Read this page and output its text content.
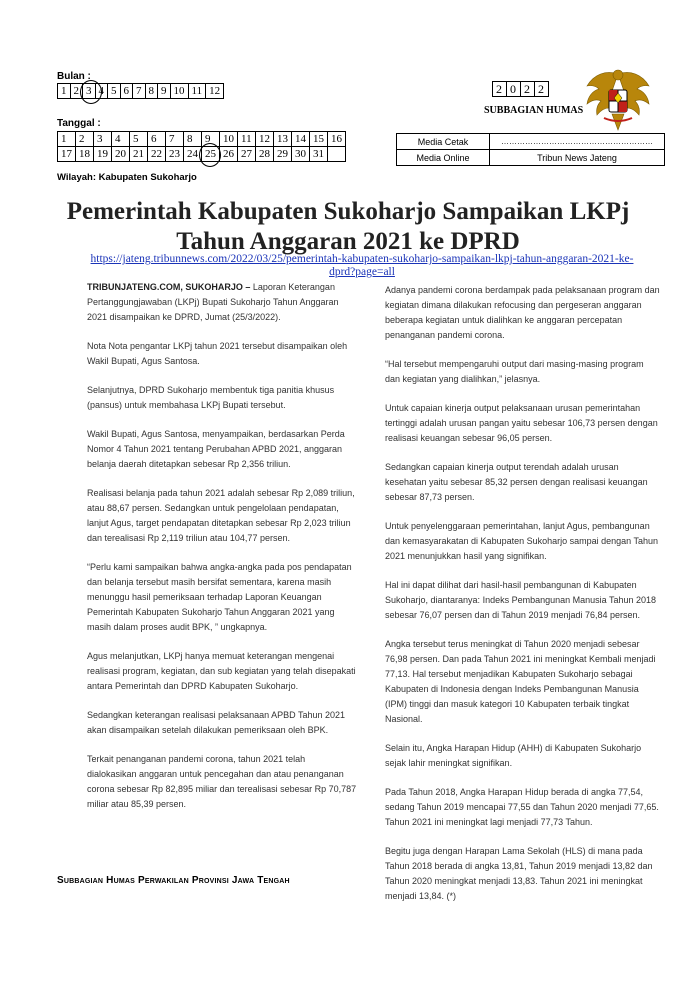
Bulan :
1	2	3	4	5	6	7	8	9	10	11	12	2	0	2	2
SUBBAGIAN HUMAS
Tanggal :
1	2	3	4	5	6	7	8	9	10	11	12	13	14	15	16
17	18	19	20	21	22	23	24	25	26	27	28	29	30	31	
Media Cetak	…………………………………………………
Media Online	Tribun News Jateng
Wilayah: Kabupaten Sukoharjo
Pemerintah Kabupaten Sukoharjo Sampaikan LKPj
Tahun Anggaran 2021 ke DPRD
https://jateng.tribunnews.com/2022/03/25/pemerintah-kabupaten-sukoharjo-sampaikan-lkpj-tahun-anggaran-2021-ke-
dprd?page=all

TRIBUNJATENG.COM, SUKOHARJO – Laporan Keterangan Pertanggungjawaban (LKPj) Bupati Sukoharjo Tahun Anggaran 2021 disampaikan ke DPRD, Jumat (25/3/2022).

Nota Nota pengantar LKPj tahun 2021 tersebut disampaikan oleh Wakil Bupati, Agus Santosa.

Selanjutnya, DPRD Sukoharjo membentuk tiga panitia khusus (pansus) untuk membahasa LKPj Bupati tersebut.

Wakil Bupati, Agus Santosa, menyampaikan, berdasarkan Perda Nomor 4 Tahun 2021 tentang Perubahan APBD 2021, anggaran belanja daerah ditetapkan sebesar Rp 2,356 triliun.

Realisasi belanja pada tahun 2021 adalah sebesar Rp 2,089 triliun, atau 88,67 persen. Sedangkan untuk pengelolaan pendapatan, lanjut Agus, target pendapatan ditetapkan sebesar Rp 2,023 triliun dan terealisasi Rp 2,119 triliun atau 104,77 persen.

“Perlu kami sampaikan bahwa angka-angka pada pos pendapatan dan belanja tersebut masih bersifat sementara, karena masih menunggu hasil pemeriksaan terhadap Laporan Keuangan Pemerintah Kabupaten Sukoharjo Tahun Anggaran 2021 yang masih dalam proses audit BPK, ” ungkapnya.

Agus melanjutkan, LKPj hanya memuat keterangan mengenai realisasi program, kegiatan, dan sub kegiatan yang telah disepakati antara Pemerintah dan DPRD Kabupaten Sukoharjo.

Sedangkan keterangan realisasi pelaksanaan APBD Tahun 2021 akan disampaikan setelah dilakukan pemeriksaan oleh BPK.

Terkait penanganan pandemi corona, tahun 2021 telah dialokasikan anggaran untuk pencegahan dan atau penanganan corona sebesar Rp 82,895 miliar dan terealisasi sebesar Rp 70,787 miliar atau 85,39 persen.

Adanya pandemi corona berdampak pada pelaksanaan program dan kegiatan dimana dilakukan refocusing dan pergeseran anggaran beberapa kegiatan untuk dialihkan ke anggaran percepatan penanganan pandemi corona.

“Hal tersebut mempengaruhi output dari masing-masing program dan kegiatan yang dialihkan,” jelasnya.

Untuk capaian kinerja output pelaksanaan urusan pemerintahan tertinggi adalah urusan pangan yaitu sebesar 106,73 persen dengan realisasi keuangan sebesar 96,05 persen.

Sedangkan capaian kinerja output terendah adalah urusan kesehatan yaitu sebesar 85,32 persen dengan realisasi keuangan sebesar 87,73 persen.

Untuk penyelenggaraan pemerintahan, lanjut Agus, pembangunan dan kemasyarakatan di Kabupaten Sukoharjo sampai dengan Tahun 2021 menunjukkan hasil yang signifikan.

Hal ini dapat dilihat dari hasil-hasil pembangunan di Kabupaten Sukoharjo, diantaranya: Indeks Pembangunan Manusia Tahun 2018 sebesar 76,07 persen dan di Tahun 2019 menjadi 76,84 persen.

Angka tersebut terus meningkat di Tahun 2020 menjadi sebesar 76,98 persen. Dan pada Tahun 2021 ini meningkat Kembali menjadi 77,13. Hal tersebut menjadikan Kabupaten Sukoharjo sebagai Kabupaten di Indonesia dengan Indeks Pembangunan Manusia (IPM) tinggi dan masuk kategori 10 Kabupaten terbaik tingkat Nasional.

Selain itu, Angka Harapan Hidup (AHH) di Kabupaten Sukoharjo sejak lahir meningkat signifikan.

Pada Tahun 2018, Angka Harapan Hidup berada di angka 77,54, sedang Tahun 2019 mencapai 77,55 dan Tahun 2020 menjadi 77,65. Tahun 2021 ini meningkat lagi menjadi 77,73 Tahun.

Begitu juga dengan Harapan Lama Sekolah (HLS) di mana pada Tahun 2018 berada di angka 13,81, Tahun 2019 menjadi 13,82 dan Tahun 2020 meningkat menjadi 13,83. Tahun 2021 ini meningkat menjadi 13,84. (*)

Subbagian Humas Perwakilan Provinsi Jawa Tengah
